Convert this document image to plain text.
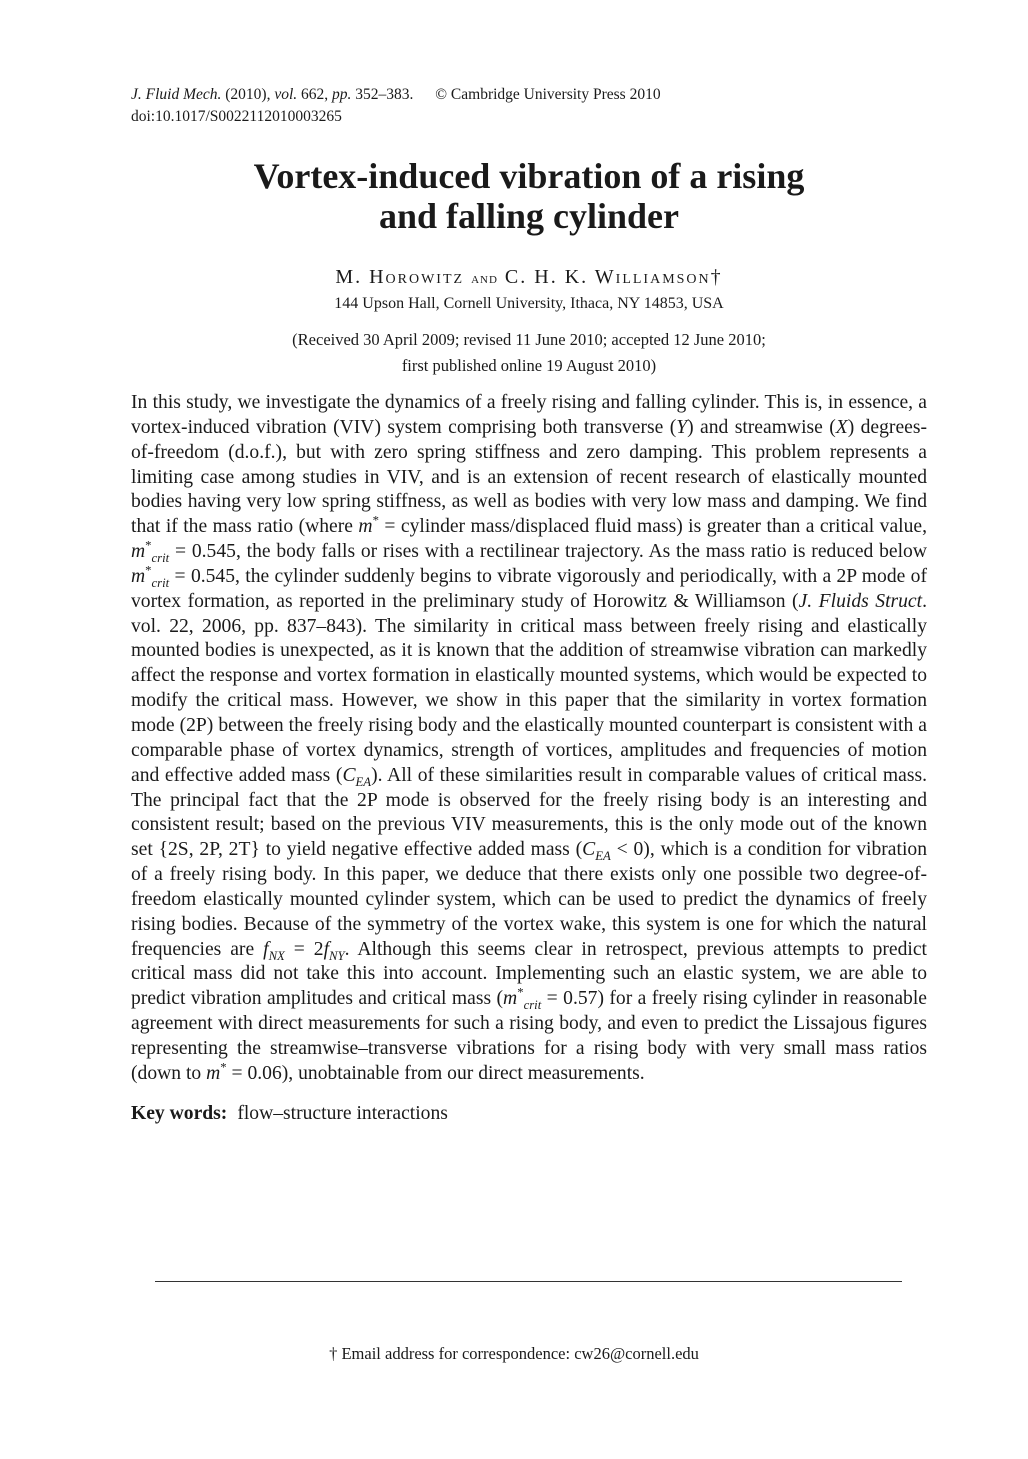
J. Fluid Mech. (2010), vol. 662, pp. 352–383. © Cambridge University Press 2010
doi:10.1017/S0022112010003265
Vortex-induced vibration of a rising
and falling cylinder
M. Horowitz and C. H. K. Williamson†
144 Upson Hall, Cornell University, Ithaca, NY 14853, USA
(Received 30 April 2009; revised 11 June 2010; accepted 12 June 2010;
first published online 19 August 2010)
In this study, we investigate the dynamics of a freely rising and falling cylinder. This is, in essence, a vortex-induced vibration (VIV) system comprising both transverse (Y) and streamwise (X) degrees-of-freedom (d.o.f.), but with zero spring stiffness and zero damping. This problem represents a limiting case among studies in VIV, and is an extension of recent research of elastically mounted bodies having very low spring stiffness, as well as bodies with very low mass and damping. We find that if the mass ratio (where m* = cylinder mass/displaced fluid mass) is greater than a critical value, $m^*_{crit} = 0.545$, the body falls or rises with a rectilinear trajectory. As the mass ratio is reduced below $m^*_{crit} = 0.545$, the cylinder suddenly begins to vibrate vigorously and periodically, with a 2P mode of vortex formation, as reported in the preliminary study of Horowitz & Williamson (J. Fluids Struct. vol. 22, 2006, pp. 837–843). The similarity in critical mass between freely rising and elastically mounted bodies is unexpected, as it is known that the addition of streamwise vibration can markedly affect the response and vortex formation in elastically mounted systems, which would be expected to modify the critical mass. However, we show in this paper that the similarity in vortex formation mode (2P) between the freely rising body and the elastically mounted counterpart is consistent with a comparable phase of vortex dynamics, strength of vortices, amplitudes and frequencies of motion and effective added mass $(C_{EA})$. All of these similarities result in comparable values of critical mass. The principal fact that the 2P mode is observed for the freely rising body is an interesting and consistent result; based on the previous VIV measurements, this is the only mode out of the known set {2S, 2P, 2T} to yield negative effective added mass $(C_{EA} < 0)$, which is a condition for vibration of a freely rising body. In this paper, we deduce that there exists only one possible two degree-of-freedom elastically mounted cylinder system, which can be used to predict the dynamics of freely rising bodies. Because of the symmetry of the vortex wake, this system is one for which the natural frequencies are $f_{NX} = 2f_{NY}$. Although this seems clear in retrospect, previous attempts to predict critical mass did not take this into account. Implementing such an elastic system, we are able to predict vibration amplitudes and critical mass $(m^*_{crit} = 0.57)$ for a freely rising cylinder in reasonable agreement with direct measurements for such a rising body, and even to predict the Lissajous figures representing the streamwise–transverse vibrations for a rising body with very small mass ratios (down to m* = 0.06), unobtainable from our direct measurements.
Key words: flow–structure interactions
† Email address for correspondence: cw26@cornell.edu
